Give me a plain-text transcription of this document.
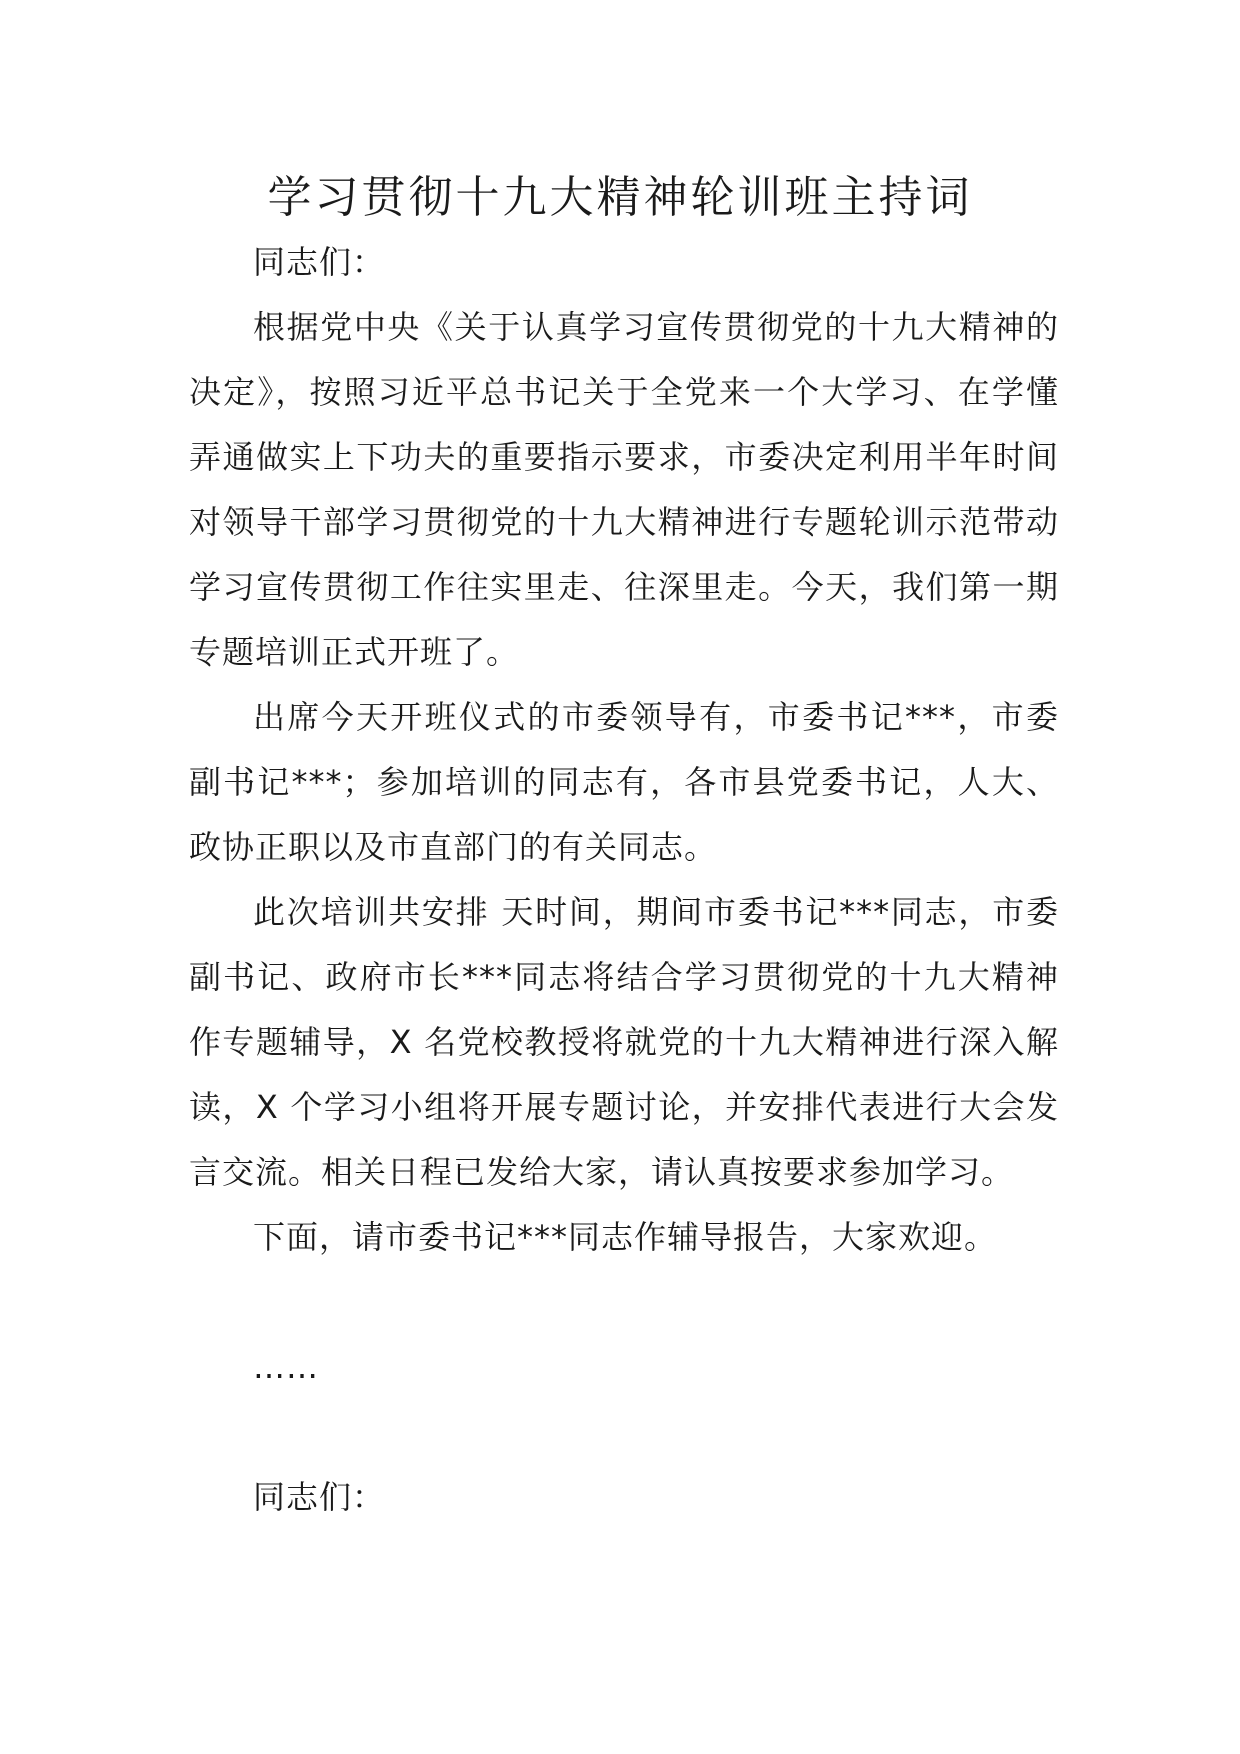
学习贯彻十九大精神轮训班主持词

同志们：

根据党中央《关于认真学习宣传贯彻党的十九大精神的决定》，按照习近平总书记关于全党来一个大学习、在学懂弄通做实上下功夫的重要指示要求，市委决定利用半年时间对领导干部学习贯彻党的十九大精神进行专题轮训示范带动学习宣传贯彻工作往实里走、往深里走。今天，我们第一期专题培训正式开班了。

出席今天开班仪式的市委领导有，市委书记***，市委副书记***；参加培训的同志有，各市县党委书记，人大、政协正职以及市直部门的有关同志。

此次培训共安排 天时间，期间市委书记***同志，市委副书记、政府市长***同志将结合学习贯彻党的十九大精神作专题辅导，X 名党校教授将就党的十九大精神进行深入解读，X 个学习小组将开展专题讨论，并安排代表进行大会发言交流。相关日程已发给大家，请认真按要求参加学习。

下面，请市委书记***同志作辅导报告，大家欢迎。

……

同志们：
